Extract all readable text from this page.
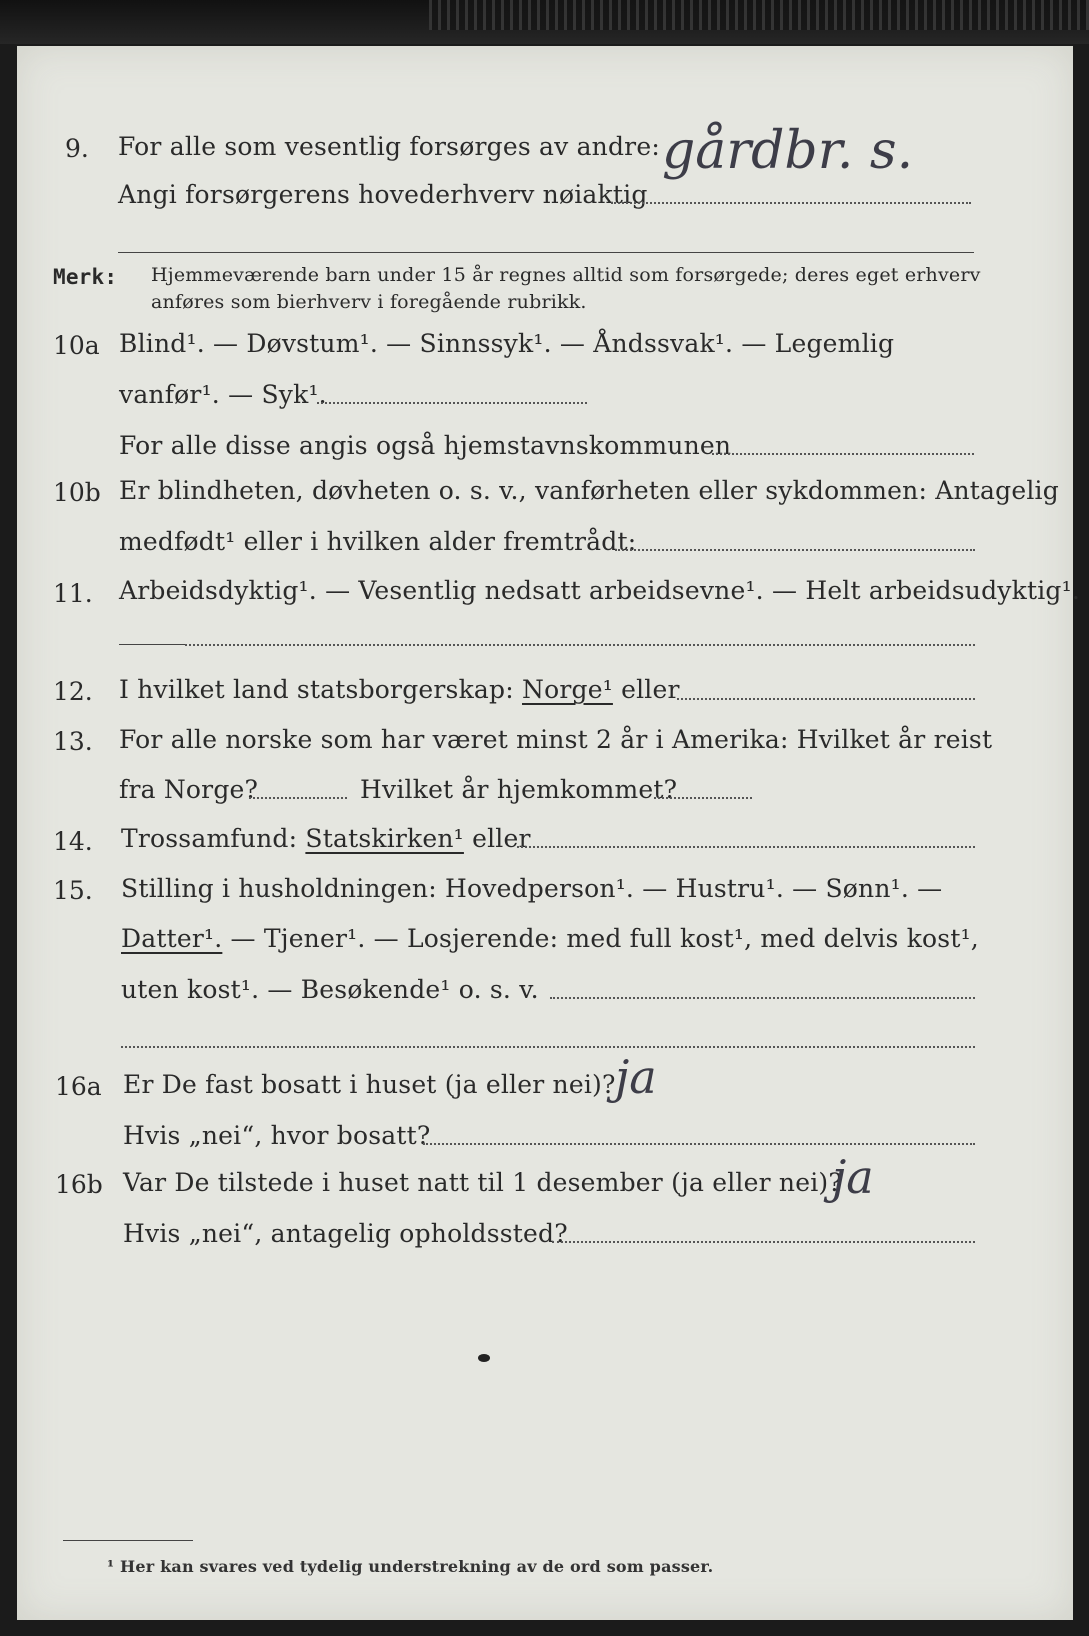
9. For alle som vesentlig forsørges av andre:
Angi forsørgerens hovederhverv nøiaktig
gårdbr. s.
Merk: Hjemmeværende barn under 15 år regnes alltid som forsørgede; deres eget erhverv
anføres som bierhverv i foregående rubrikk.
10a Blind¹. — Døvstum¹. — Sinnssyk¹. — Åndssvak¹. — Legemlig
vanfør¹. — Syk¹.
For alle disse angis også hjemstavnskommunen
10b Er blindheten, døvheten o. s. v., vanførheten eller sykdommen: Antagelig
medfødt¹ eller i hvilken alder fremtrådt:
11. Arbeidsdyktig¹. — Vesentlig nedsatt arbeidsevne¹. — Helt arbeidsudyktig¹.
12. I hvilket land statsborgerskap: Norge¹ eller
13. For alle norske som har været minst 2 år i Amerika: Hvilket år reist
fra Norge?	Hvilket år hjemkommet?
14. Trossamfund: Statskirken¹ eller
15. Stilling i husholdningen: Hovedperson¹. — Hustru¹. — Sønn¹. —
Datter¹. — Tjener¹. — Losjerende: med full kost¹, med delvis kost¹,
uten kost¹. — Besøkende¹ o. s. v.
16a Er De fast bosatt i huset (ja eller nei)? ja
Hvis „nei“, hvor bosatt?
16b Var De tilstede i huset natt til 1 desember (ja eller nei)?
ja
Hvis „nei“, antagelig opholdssted?
¹ Her kan svares ved tydelig understrekning av de ord som passer.
